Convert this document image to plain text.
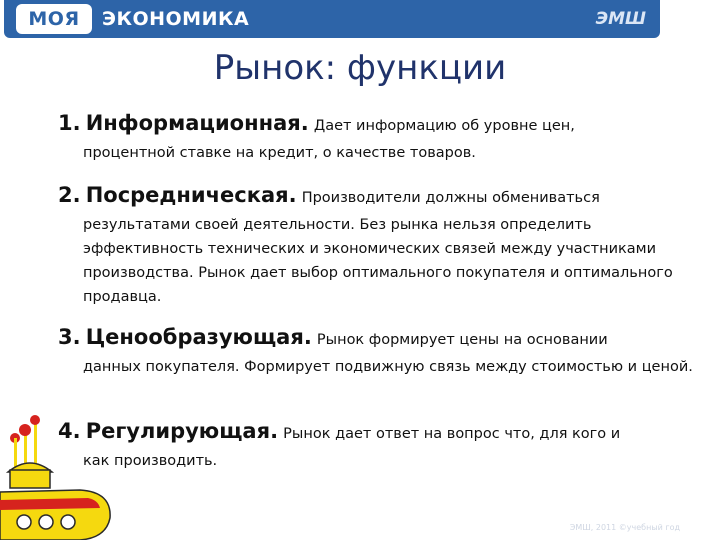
МОЯ ЭКОНОМИКА	ЭМШ
Рынок: функции
1. Информационная. Дает информацию об уровне цен,
процентной ставке на кредит, о качестве товаров.
2. Посредническая. Производители должны обмениваться
результатами своей деятельности. Без рынка нельзя определить эффективность технических и экономических связей между участниками производства. Рынок дает выбор оптимального покупателя и оптимального продавца.
3. Ценообразующая. Рынок формирует цены на основании
данных покупателя. Формирует подвижную связь между стоимостью и ценой.
4. Регулирующая. Рынок дает ответ на вопрос что, для кого и
как производить.
ЭМШ, 2011 ©учебный год
